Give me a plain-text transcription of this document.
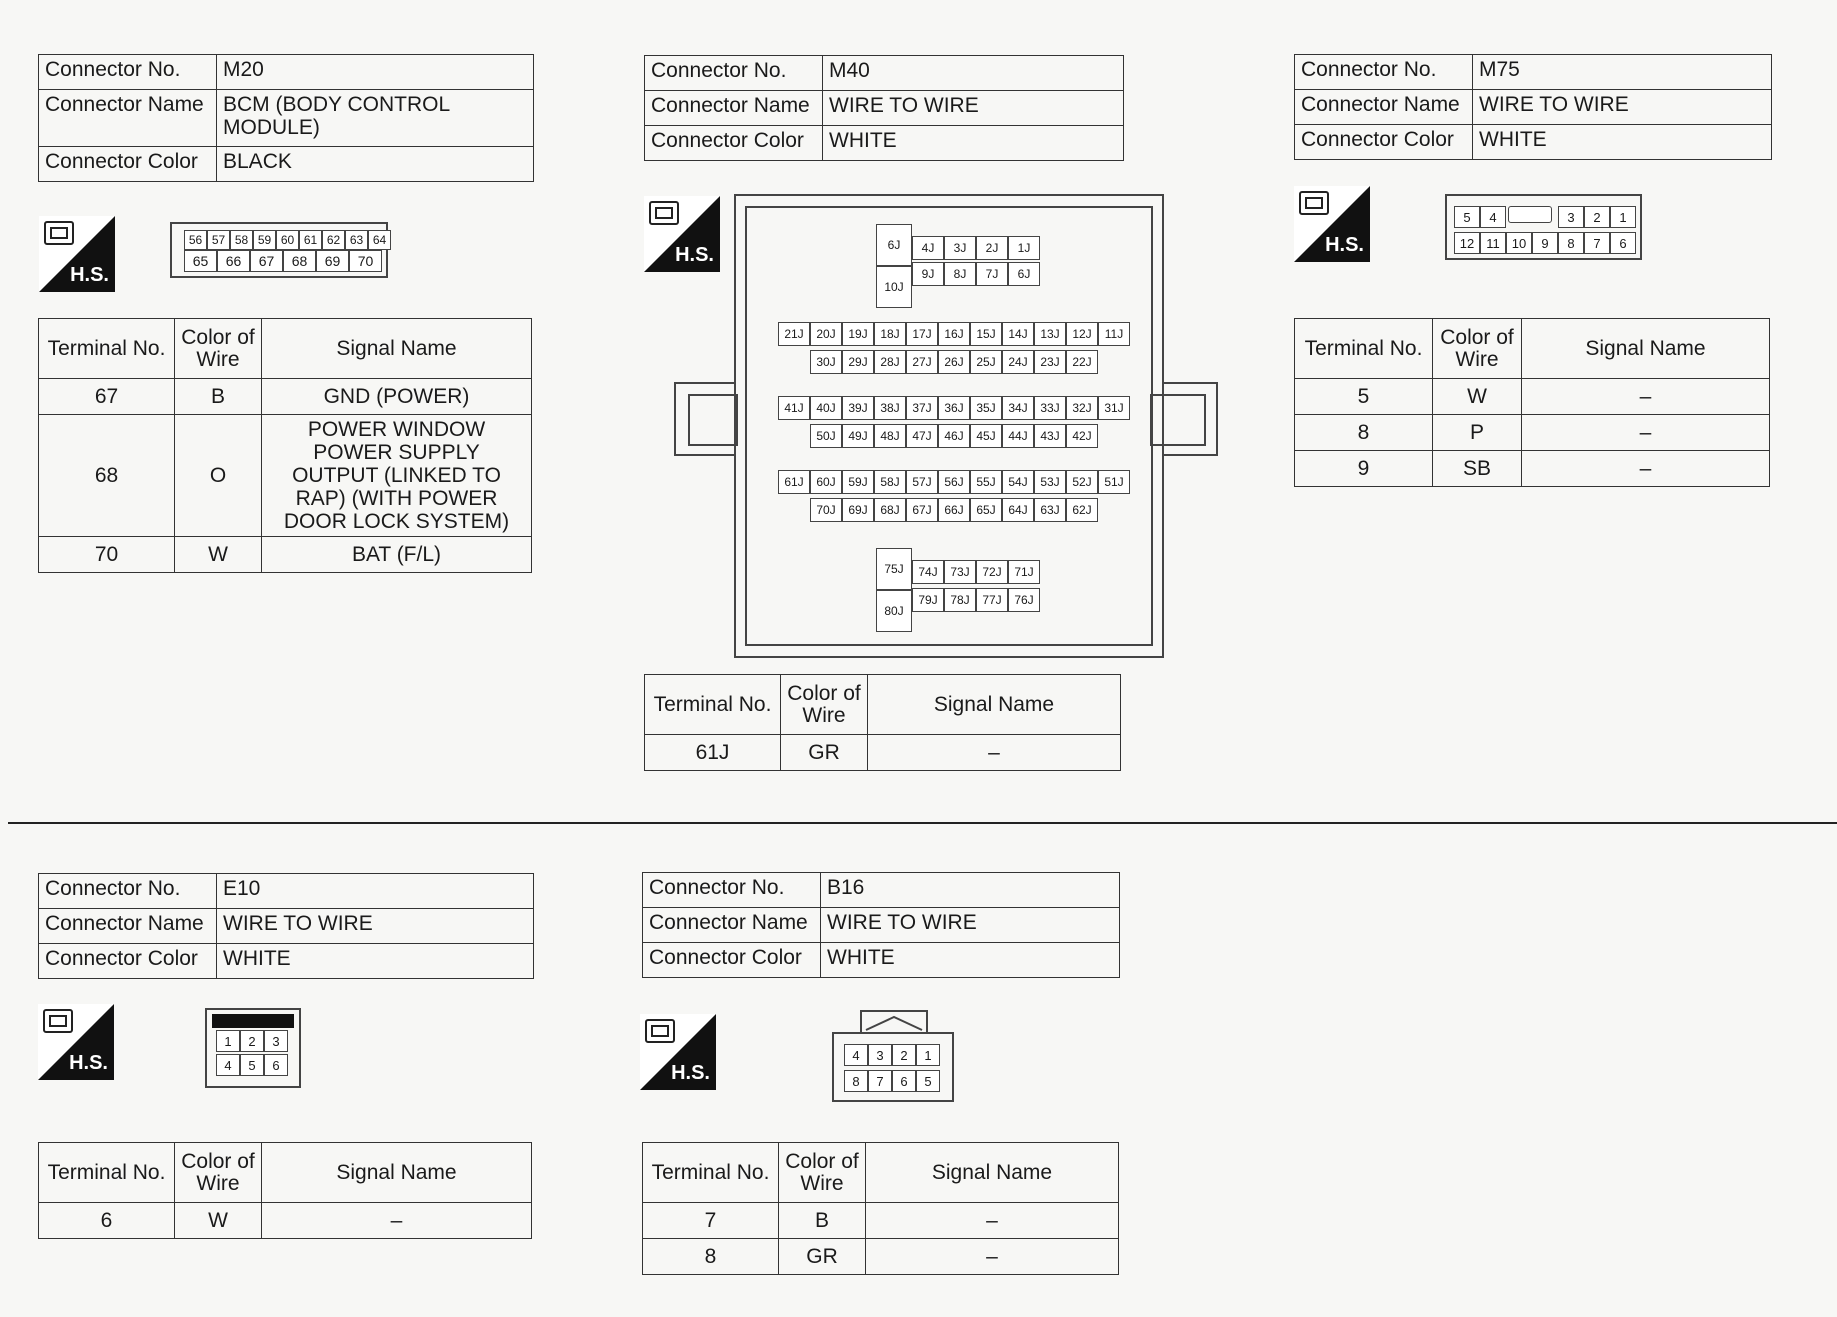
Connector No.	M20
Connector Name	BCM (BODY CONTROL MODULE)
Connector Color	BLACK
H.S.
56 57 58 59 60 61 62 63 64
65	66	67	68	69	70
Terminal No.	Color of Wire	Signal Name
67	B	GND (POWER)
68	O	POWER WINDOW POWER SUPPLY OUTPUT (LINKED TO RAP) (WITH POWER DOOR LOCK SYSTEM)
70	W	BAT (F/L)
Connector No.	M40
Connector Name	WIRE TO WIRE
Connector Color	WHITE
H.S.	6J
10J
4J	3J	2J	1J
9J	8J	7J	6J
21J	20J	19J	18J	17J	16J	15J	14J	13J	12J	11J
30J	29J	28J	27J	26J	25J	24J	23J	22J
41J	40J	39J	38J	37J	36J	35J	34J	33J	32J	31J
50J	49J	48J	47J	46J	45J	44J	43J	42J
61J	60J	59J	58J	57J	56J	55J	54J	53J	52J	51J
70J	69J	68J	67J	66J	65J	64J	63J	62J
75J
80J
74J	73J	72J	71J
79J	78J	77J	76J
Terminal No.	Color of Wire	Signal Name
61J	GR	–
Connector No.	M75
Connector Name	WIRE TO WIRE
Connector Color	WHITE
H.S.
5	4	3	2	1
12 11 10	9	8	7	6
Terminal No.	Color of Wire	Signal Name
5	W	–
8	P	–
9	SB	–
Connector No.	E10
Connector Name	WIRE TO WIRE
Connector Color	WHITE
H.S.
1	2	3
4	5	6
Terminal No.	Color of Wire	Signal Name
6	W	–
Connector No.	B16
Connector Name	WIRE TO WIRE
Connector Color	WHITE
H.S.
4	3	2	1
8	7	6	5
Terminal No.	Color of Wire	Signal Name
7	B	–
8	GR	–
